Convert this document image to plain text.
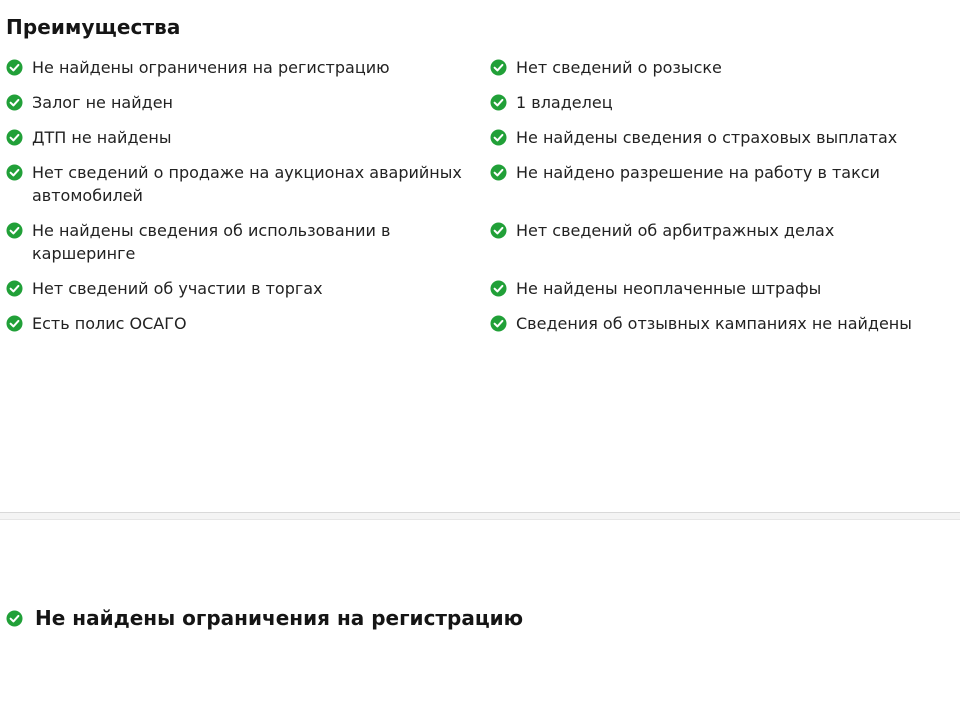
Преимущества
Не найдены ограничения на регистрацию
Залог не найден
ДТП не найдены
Нет сведений о продаже на аукционах аварийных автомобилей
Не найдены сведения об использовании в каршеринге
Нет сведений об участии в торгах
Есть полис ОСАГО
Нет сведений о розыске
1 владелец
Не найдены сведения о страховых выплатах
Не найдено разрешение на работу в такси
Нет сведений об арбитражных делах
Не найдены неоплаченные штрафы
Сведения об отзывных кампаниях не найдены
Не найдены ограничения на регистрацию
